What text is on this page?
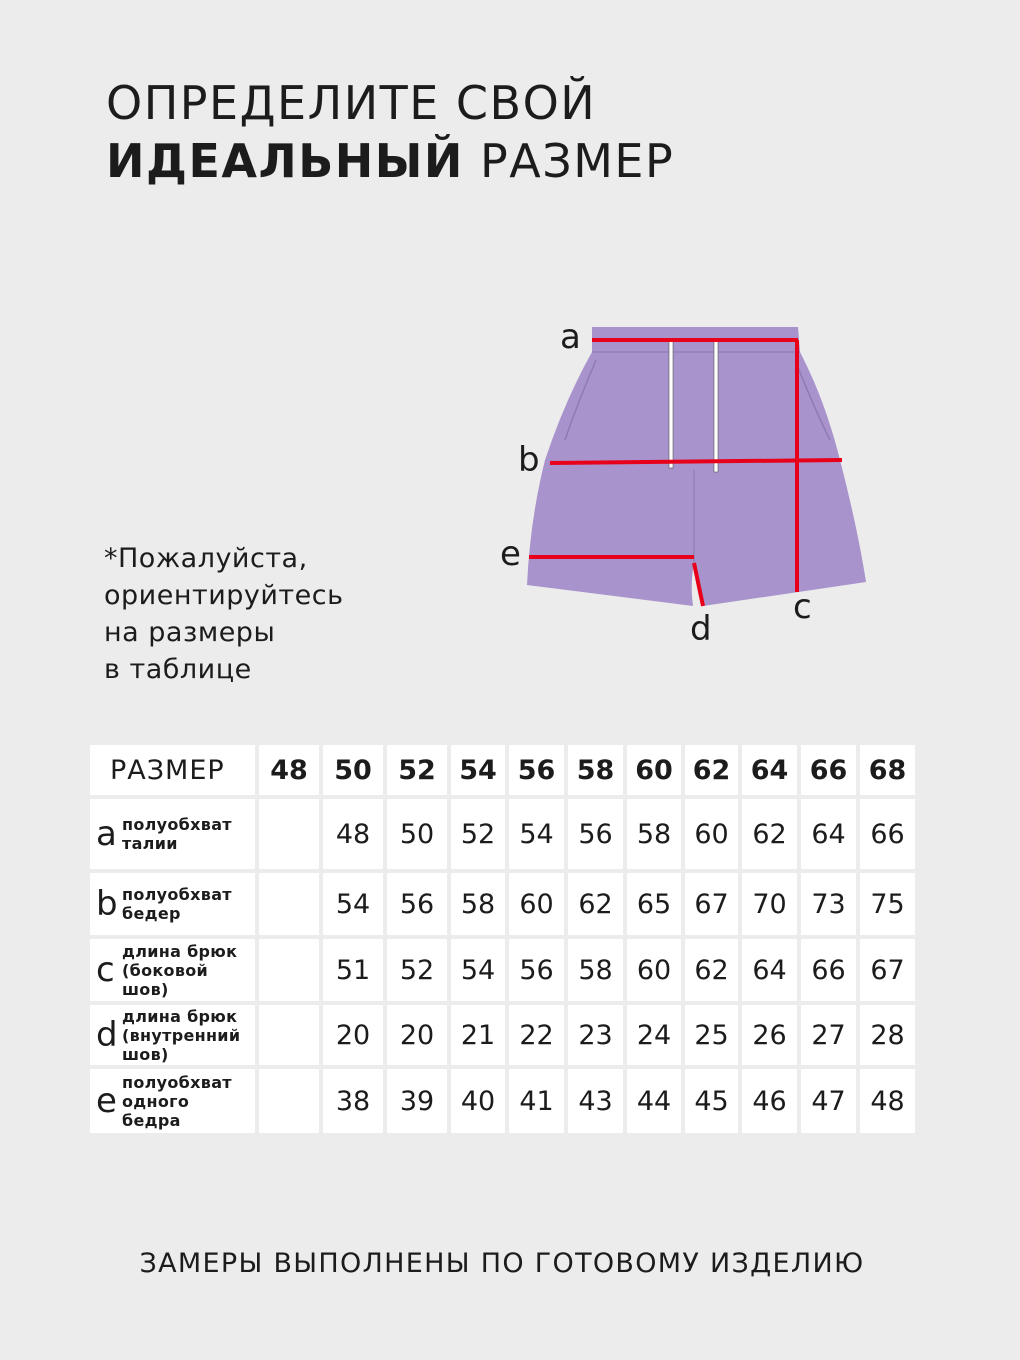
ОПРЕДЕЛИТЕ СВОЙ
ИДЕАЛЬНЫЙ РАЗМЕР
*Пожалуйста,
ориентируйтесь
на размеры
в таблице
a
b
c
d
e
РАЗМЕР	48	50	52	54	56	58	60	62	64	66	68

a полуобхват
талии		48	50	52	54	56	58	60	62	64	66

b полуобхват
бедер		54	56	58	60	62	65	67	70	73	75

c длина брюк
(боковой
шов)		51	52	54	56	58	60	62	64	66	67

d длина брюк
(внутренний
шов)		20	20	21	22	23	24	25	26	27	28

e полуобхват
одного
бедра		38	39	40	41	43	44	45	46	47	48
ЗАМЕРЫ ВЫПОЛНЕНЫ ПО ГОТОВОМУ ИЗДЕЛИЮ
